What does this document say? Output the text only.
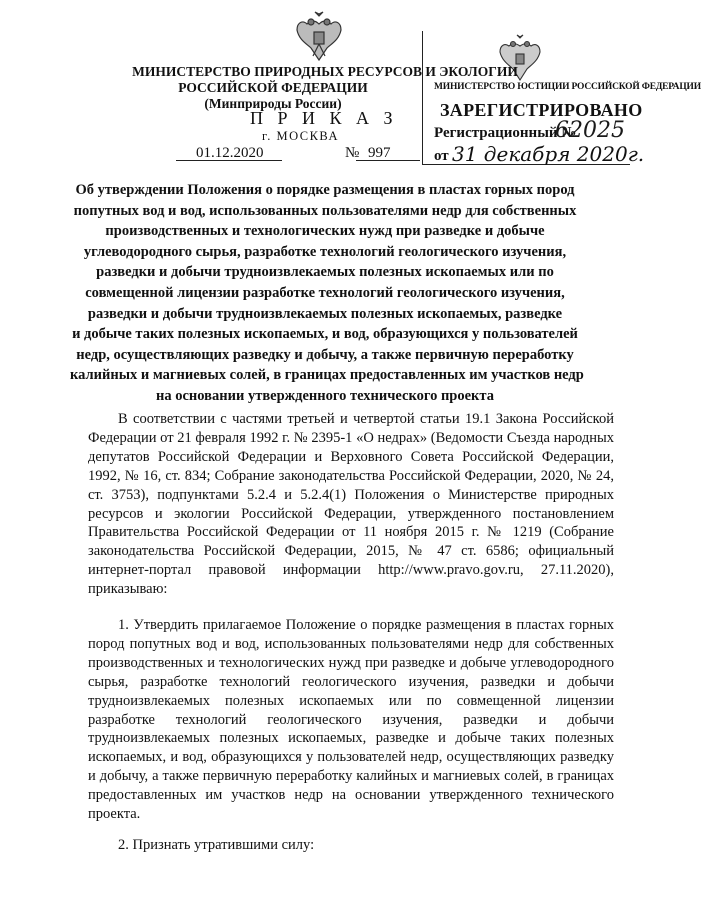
МИНИСТЕРСТВО ПРИРОДНЫХ РЕСУРСОВ И ЭКОЛОГИИ
РОССИЙСКОЙ ФЕДЕРАЦИИ
(Минприроды России)
МИНИСТЕРСТВО ЮСТИЦИИ РОССИЙСКОЙ ФЕДЕРАЦИИ
ЗАРЕГИСТРИРОВАНО
Регистрационный №
62025
от 31 декабря 2020г.
П Р И К А З
г. МОСКВА
01.12.2020	№ 997
Об утверждении Положения о порядке размещения в пластах горных пород
попутных вод и вод, использованных пользователями недр для собственных
производственных и технологических нужд при разведке и добыче
углеводородного сырья, разработке технологий геологического изучения,
разведки и добычи трудноизвлекаемых полезных ископаемых или по
совмещенной лицензии разработке технологий геологического изучения,
разведки и добычи трудноизвлекаемых полезных ископаемых, разведке
и добыче таких полезных ископаемых, и вод, образующихся у пользователей
недр, осуществляющих разведку и добычу, а также первичную переработку
калийных и магниевых солей, в границах предоставленных им участков недр
на основании утвержденного технического проекта
В соответствии с частями третьей и четвертой статьи 19.1 Закона Российской
Федерации от 21 февраля 1992 г. № 2395-1 «О недрах» (Ведомости Съезда народных
депутатов Российской Федерации и Верховного Совета Российской Федерации,
1992, № 16, ст. 834; Собрание законодательства Российской Федерации, 2020, № 24,
ст. 3753), подпунктами 5.2.4 и 5.2.4(1) Положения о Министерстве природных
ресурсов и экологии Российской Федерации, утвержденного постановлением
Правительства Российской Федерации от 11 ноября 2015 г. № 1219 (Собрание
законодательства Российской Федерации, 2015, № 47 ст. 6586; официальный
интернет-портал правовой информации http://www.pravo.gov.ru, 27.11.2020),
приказываю:
1. Утвердить прилагаемое Положение о порядке размещения в пластах горных
пород попутных вод и вод, использованных пользователями недр для собственных
производственных и технологических нужд при разведке и добыче углеводородного
сырья, разработке технологий геологического изучения, разведки и добычи
трудноизвлекаемых полезных ископаемых или по совмещенной лицензии
разработке технологий геологического изучения, разведки и добычи
трудноизвлекаемых полезных ископаемых, разведке и добыче таких полезных
ископаемых, и вод, образующихся у пользователей недр, осуществляющих разведку
и добычу, а также первичную переработку калийных и магниевых солей, в границах
предоставленных им участков недр на основании утвержденного технического
проекта.
2. Признать утратившими силу:
